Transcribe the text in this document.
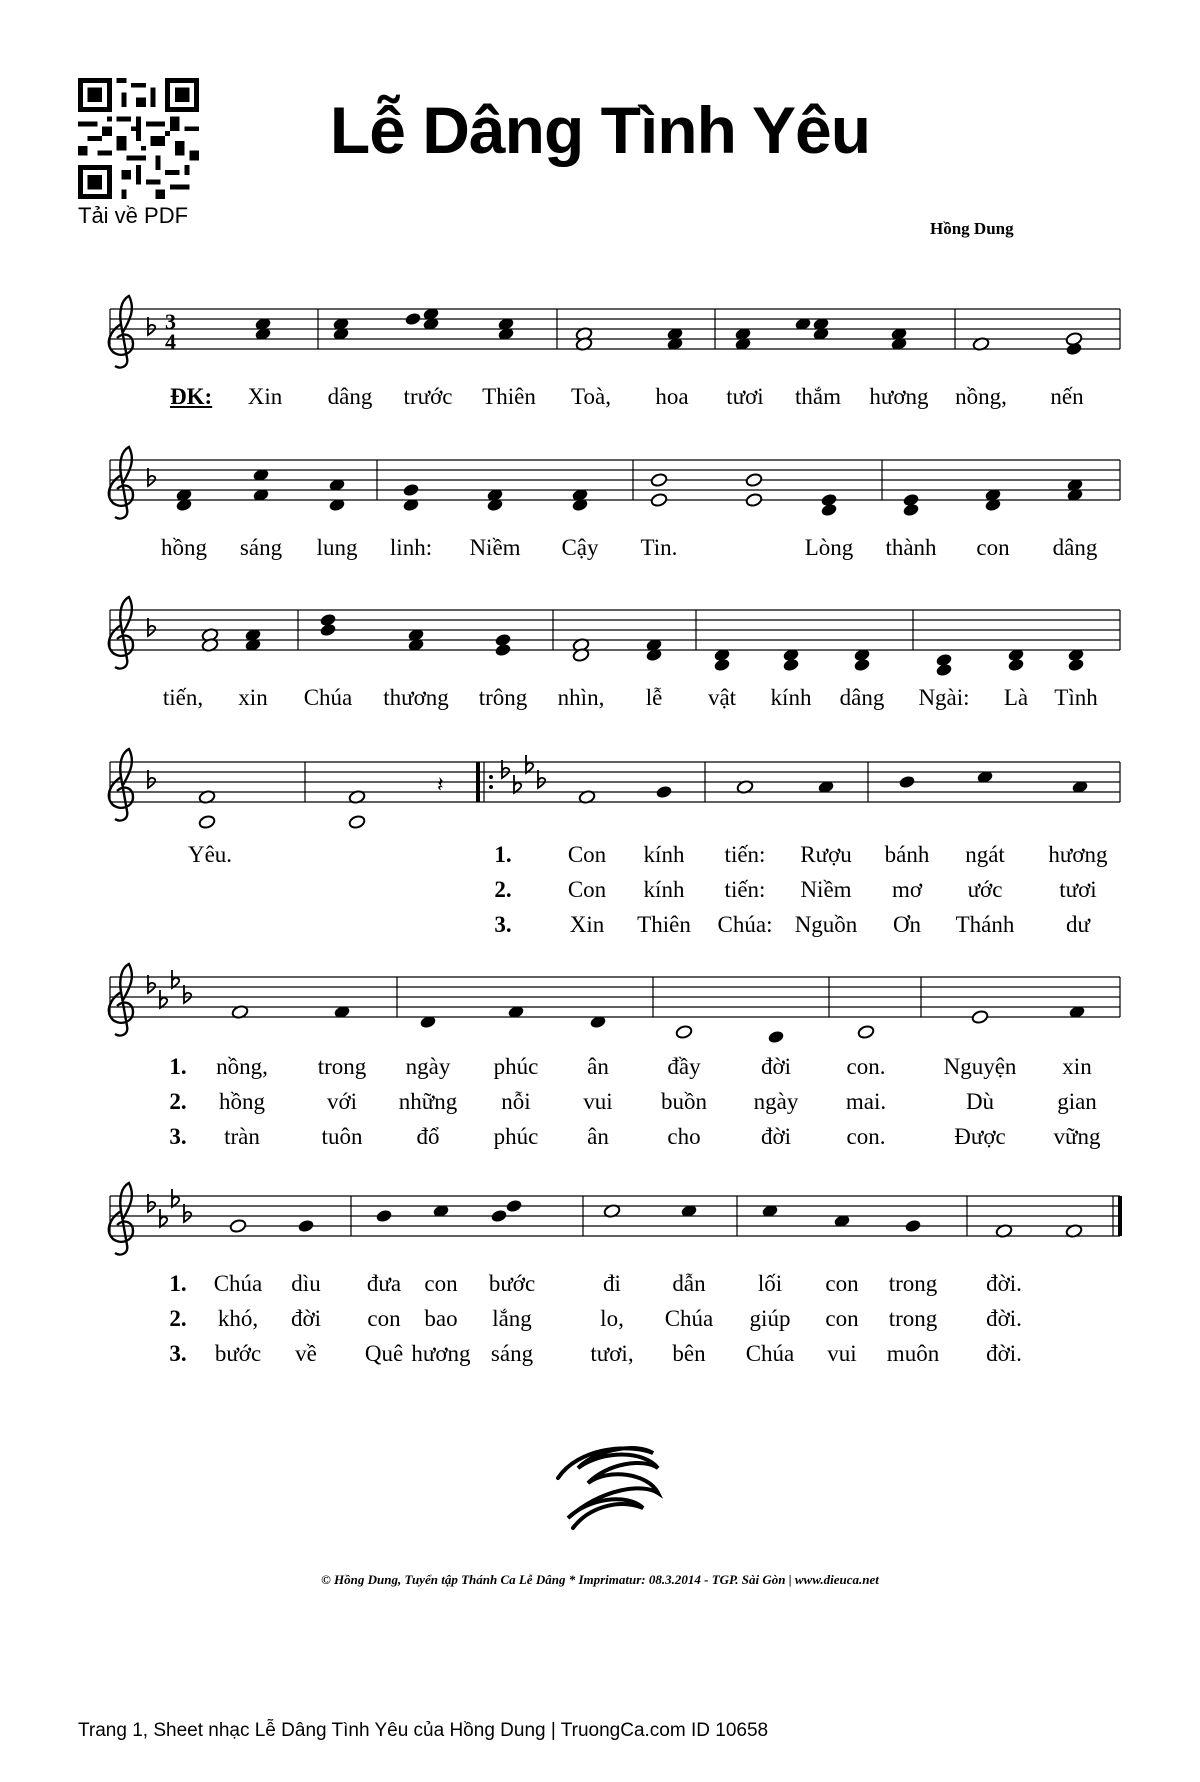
Tải về PDF
Lễ Dâng Tình Yêu
Hồng Dung
3
4
𝄽
ĐK: Xin dâng trước Thiên Toà, hoa tươi thắm hương nồng, nến
hồng sáng lung linh: Niềm Cậy Tin.	Lòng thành con dâng
tiến, xin Chúa thương trông nhìn, lễ vật kính dâng Ngài: Là Tình
Yêu.	1. Con kính tiến: Rượu bánh ngát hương
2. Con kính tiến: Niềm mơ ước tươi
3.	Xin Thiên Chúa: Nguồn Ơn Thánh dư
1. nồng, trong ngày phúc ân	đầy	đời con.	Nguyện xin
2. hồng	với những nỗi vui buồn ngày mai.	Dù	gian
3. tràn	tuôn đổ phúc ân	cho	đời con.	Được vững
1. Chúa dìu đưa con bước	đi dẫn lối con trong đời.
2. khó, đời con bao lắng	lo, Chúa giúp con trong đời.
3. bước về Quê hương sáng tươi, bên Chúa vui muôn đời.
© Hồng Dung, Tuyển tập Thánh Ca Lễ Dâng * Imprimatur: 08.3.2014 - TGP. Sài Gòn | www.dieuca.net
Trang 1, Sheet nhạc Lễ Dâng Tình Yêu của Hồng Dung | TruongCa.com ID 10658
